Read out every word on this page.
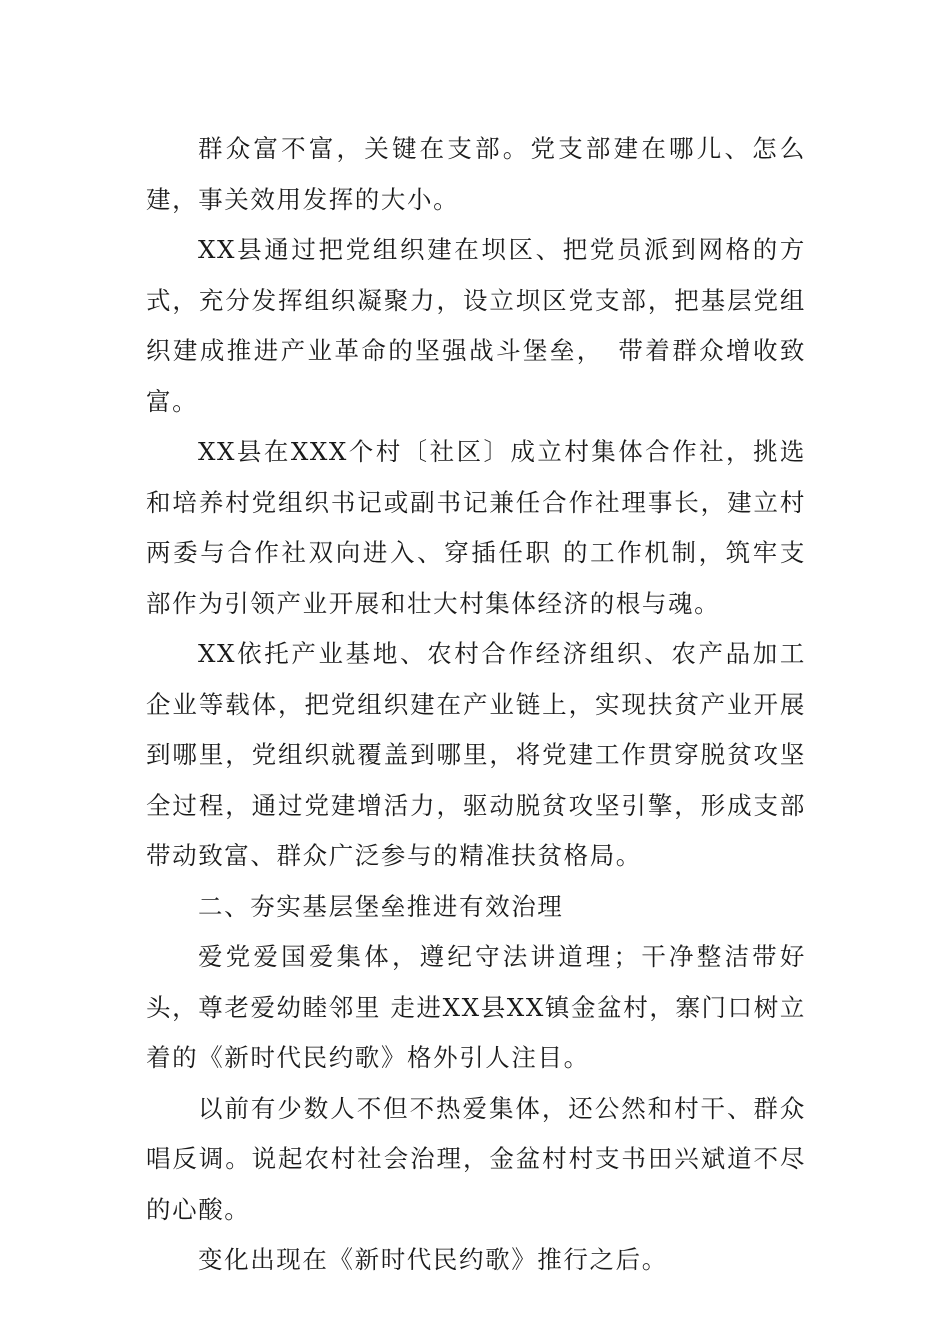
群众富不富，关键在支部。党支部建在哪儿、怎么建，事关效用发挥的大小。

XX县通过把党组织建在坝区、把党员派到网格的方式，充分发挥组织凝聚力，设立坝区党支部，把基层党组织建成推进产业革命的坚强战斗堡垒，　带着群众增收致富。

XX县在XXX个村〔社区〕成立村集体合作社，挑选和培养村党组织书记或副书记兼任合作社理事长，建立村两委与合作社双向进入、穿插任职 的工作机制，筑牢支部作为引领产业开展和壮大村集体经济的根与魂。

XX依托产业基地、农村合作经济组织、农产品加工企业等载体，把党组织建在产业链上，实现扶贫产业开展到哪里，党组织就覆盖到哪里，将党建工作贯穿脱贫攻坚全过程，通过党建增活力，驱动脱贫攻坚引擎，形成支部带动致富、群众广泛参与的精准扶贫格局。

二、夯实基层堡垒推进有效治理

爱党爱国爱集体，遵纪守法讲道理；干净整洁带好头，尊老爱幼睦邻里 走进XX县XX镇金盆村，寨门口树立着的《新时代民约歌》格外引人注目。

以前有少数人不但不热爱集体，还公然和村干、群众唱反调。说起农村社会治理，金盆村村支书田兴斌道不尽的心酸。

变化出现在《新时代民约歌》推行之后。
